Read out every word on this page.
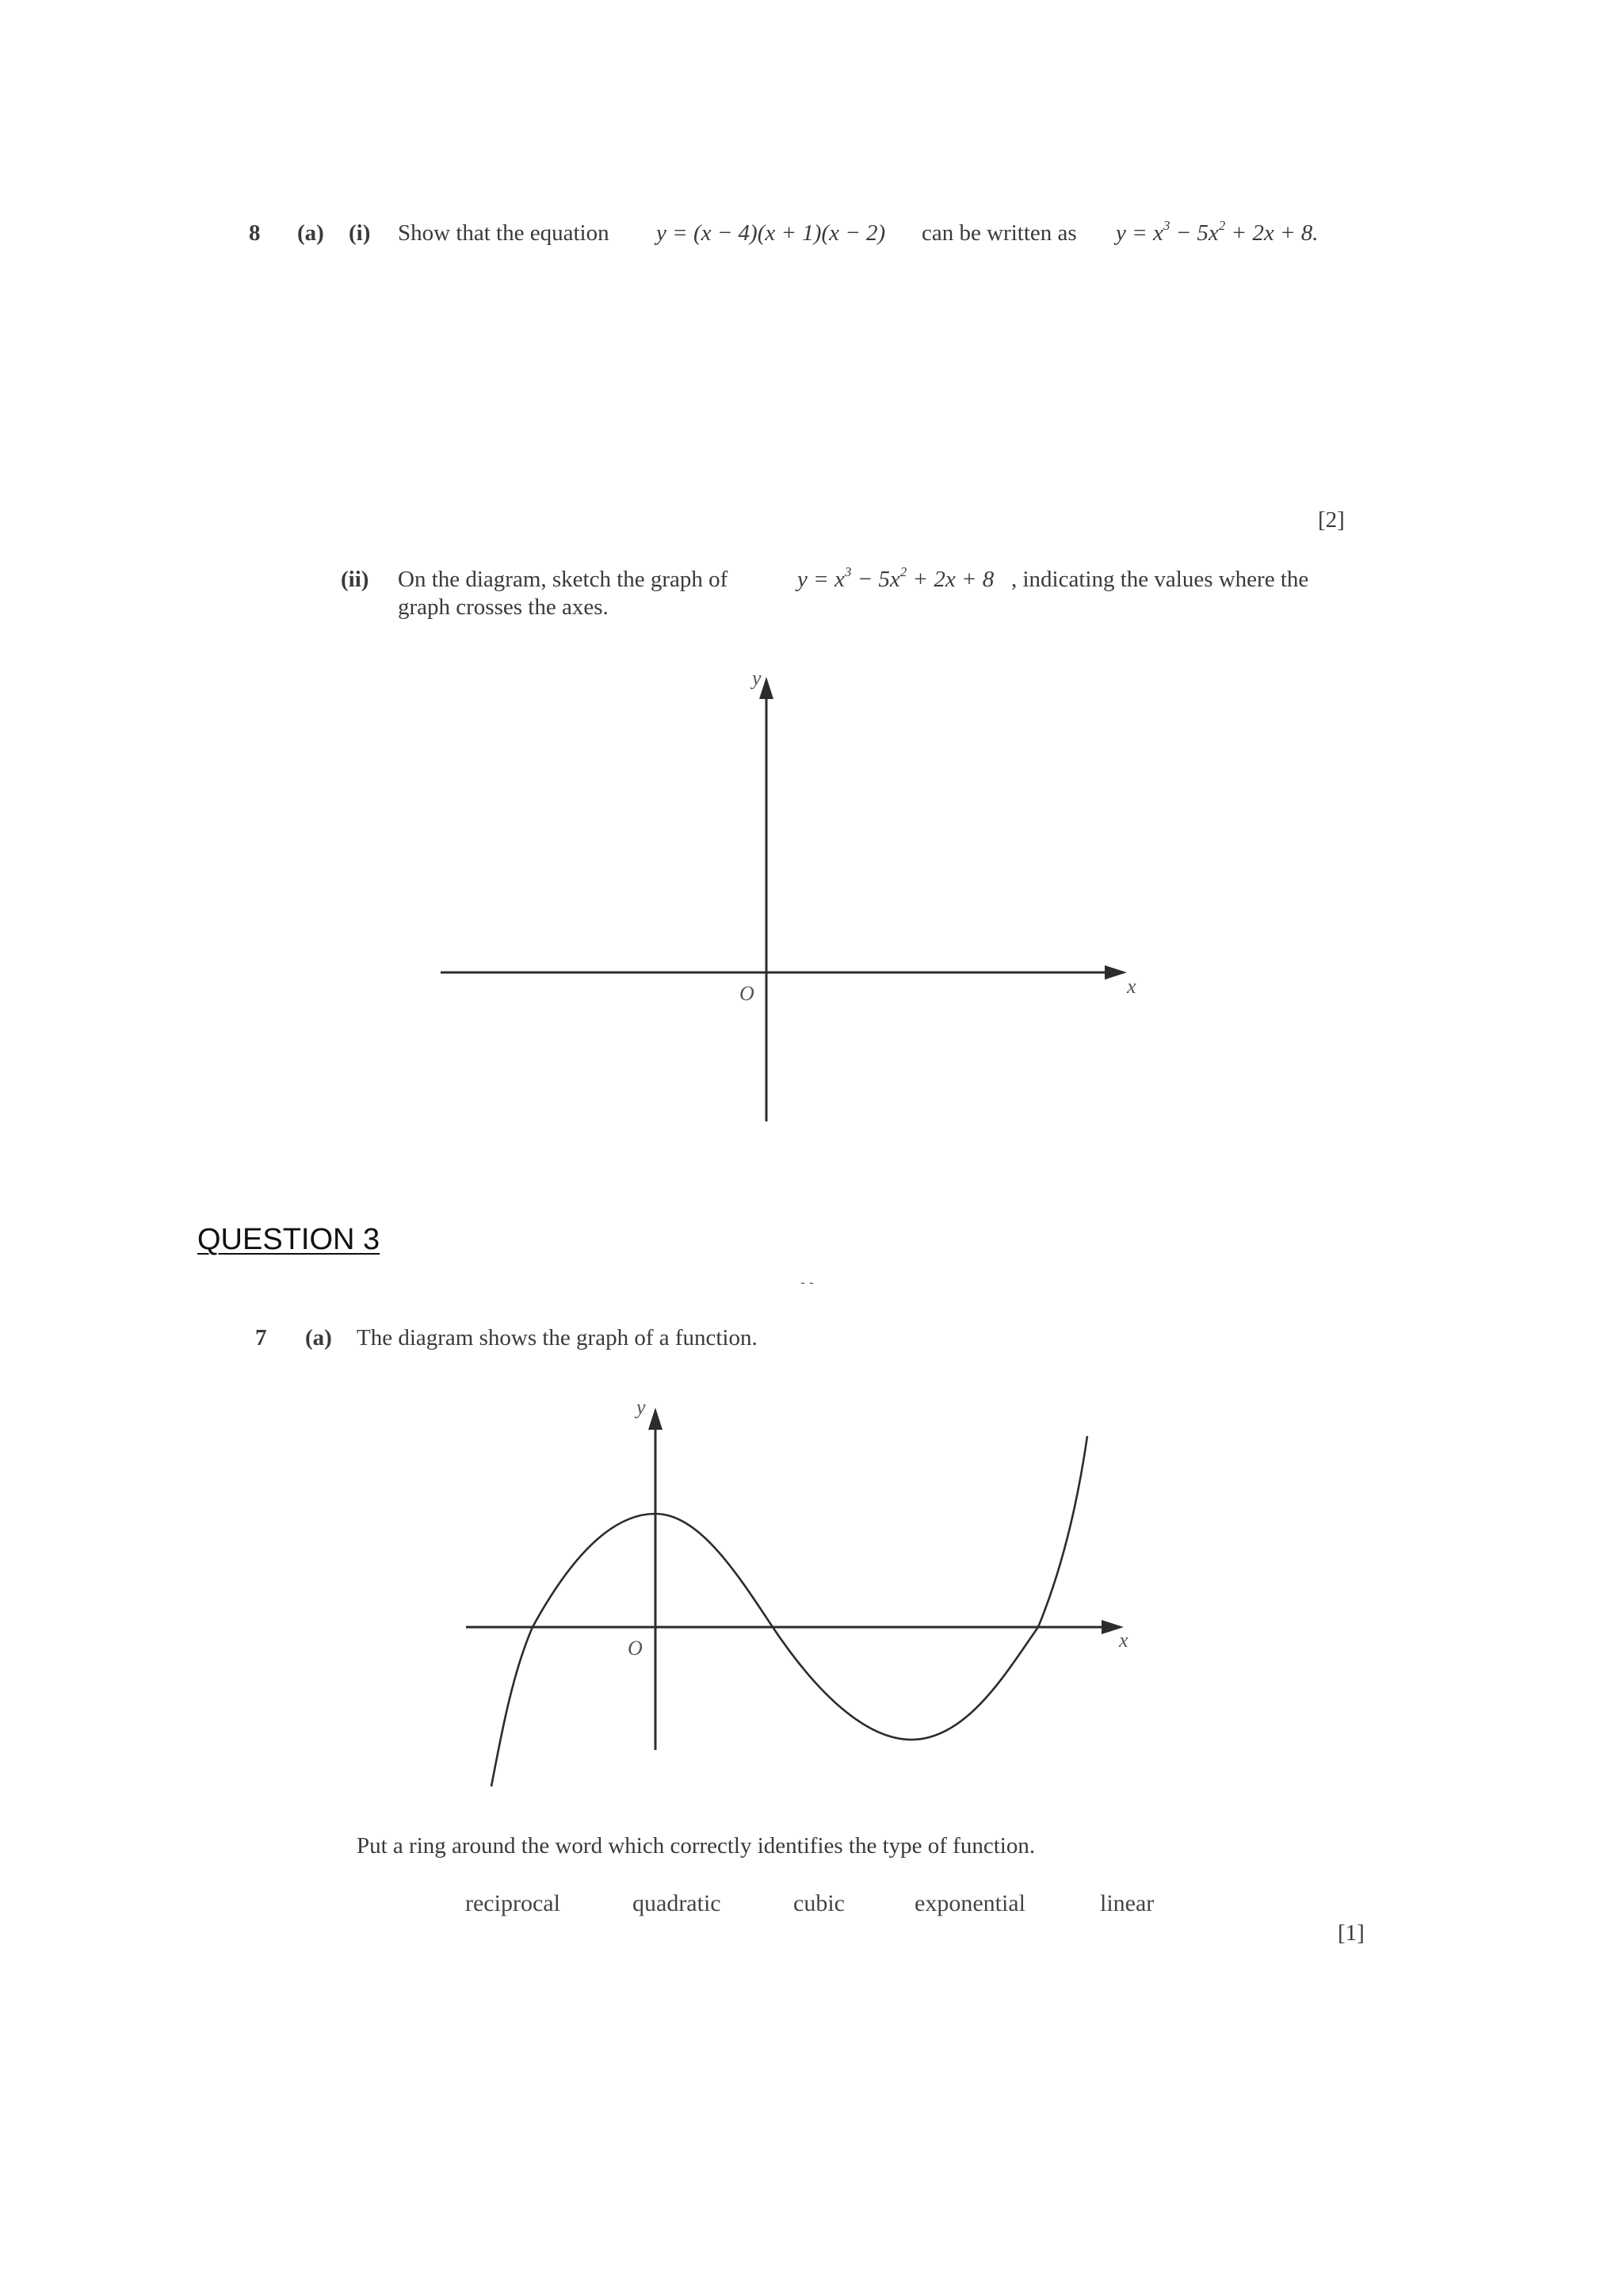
8 (a) (i) Show that the equation y = (x − 4)(x + 1)(x − 2) can be written as $y = x^3 - 5x^2 + 2x + 8$.
[2]
(ii) On the diagram, sketch the graph of	$y = x^3 - 5x^2 + 2x + 8$ , indicating the values where the
graph crosses the axes.
y
x
O
QUESTION 3
- -
7 (a) The diagram shows the graph of a function.
y
x
O
Put a ring around the word which correctly identifies the type of function.
reciprocal	quadratic	cubic	exponential	linear
[1]
